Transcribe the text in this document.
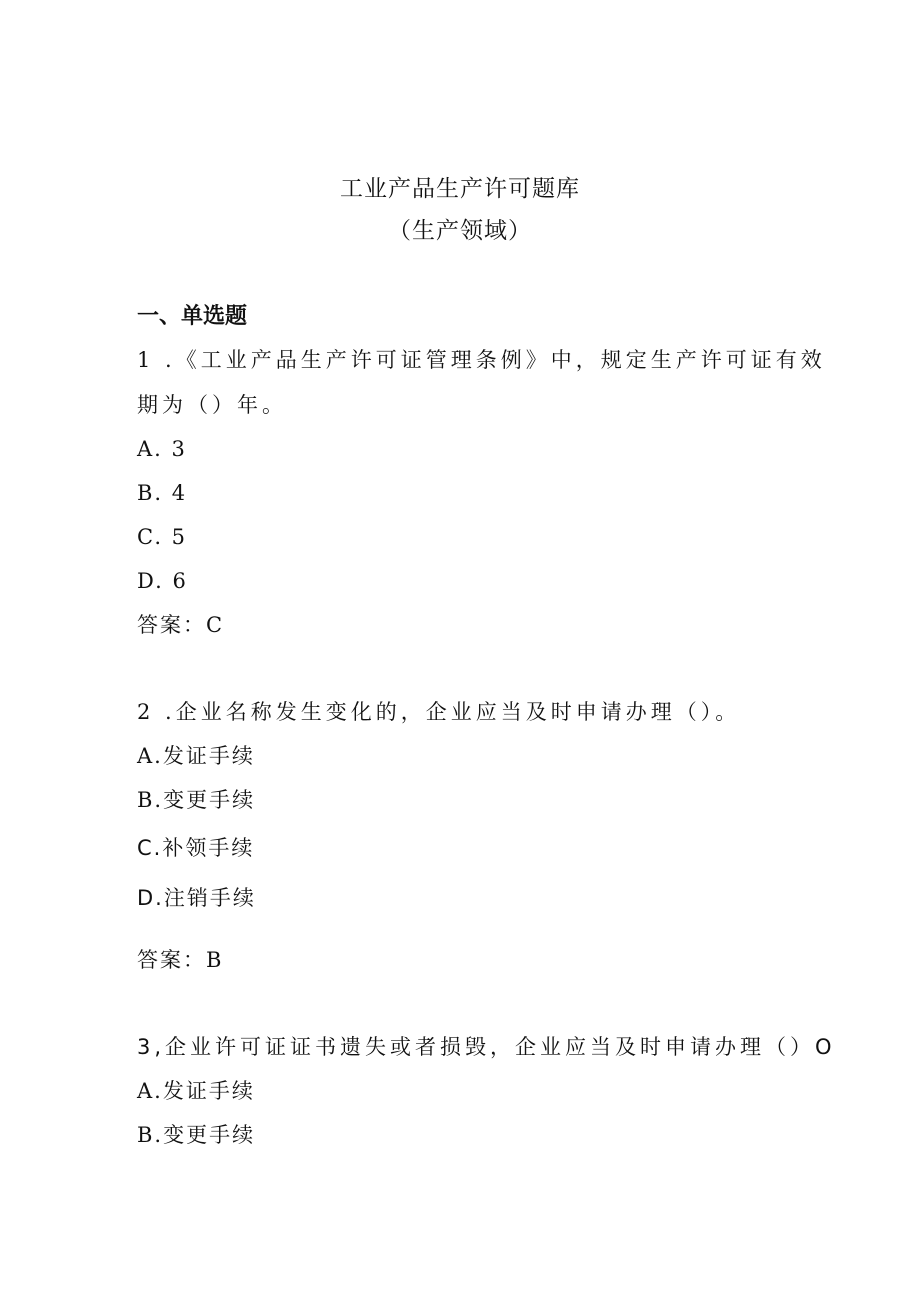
工业产品生产许可题库
（生产领域）
一、单选题
1 .《工业产品生产许可证管理条例》中，规定生产许可证有效
期为（）年。
A. 3
B. 4
C. 5
D. 6
答案：C
2 .企业名称发生变化的，企业应当及时申请办理（）。
A.发证手续
B.变更手续
C.补领手续
D.注销手续
答案：B
3,企业许可证证书遗失或者损毁，企业应当及时申请办理（）O
A.发证手续
B.变更手续
